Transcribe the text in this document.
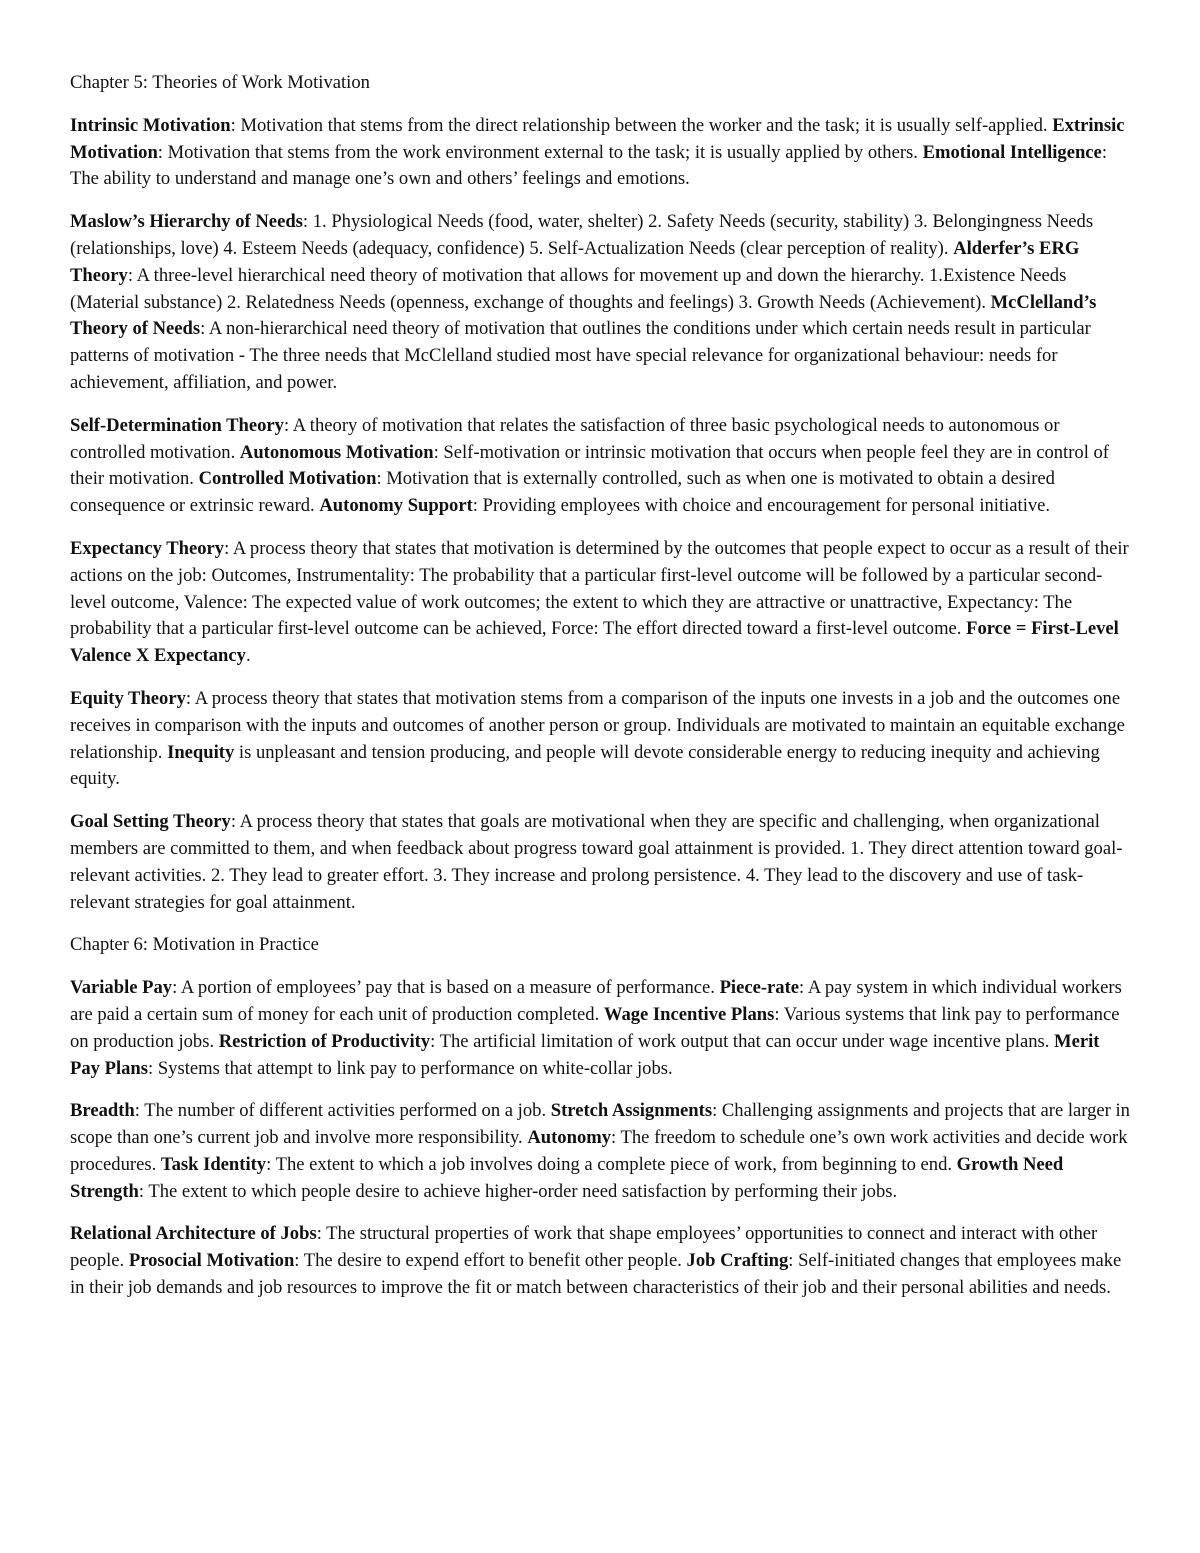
Chapter 5: Theories of Work Motivation

Intrinsic Motivation: Motivation that stems from the direct relationship between the worker and the task; it is usually self-applied. Extrinsic Motivation: Motivation that stems from the work environment external to the task; it is usually applied by others. Emotional Intelligence: The ability to understand and manage one’s own and others’ feelings and emotions.

Maslow’s Hierarchy of Needs: 1. Physiological Needs (food, water, shelter) 2. Safety Needs (security, stability) 3. Belongingness Needs (relationships, love) 4. Esteem Needs (adequacy, confidence) 5. Self-Actualization Needs (clear perception of reality). Alderfer’s ERG Theory: A three-level hierarchical need theory of motivation that allows for movement up and down the hierarchy. 1.Existence Needs (Material substance) 2. Relatedness Needs (openness, exchange of thoughts and feelings) 3. Growth Needs (Achievement). McClelland’s Theory of Needs: A non-hierarchical need theory of motivation that outlines the conditions under which certain needs result in particular patterns of motivation - The three needs that McClelland studied most have special relevance for organizational behaviour: needs for achievement, affiliation, and power.

Self-Determination Theory: A theory of motivation that relates the satisfaction of three basic psychological needs to autonomous or controlled motivation. Autonomous Motivation: Self-motivation or intrinsic motivation that occurs when people feel they are in control of their motivation. Controlled Motivation: Motivation that is externally controlled, such as when one is motivated to obtain a desired consequence or extrinsic reward. Autonomy Support: Providing employees with choice and encouragement for personal initiative.

Expectancy Theory: A process theory that states that motivation is determined by the outcomes that people expect to occur as a result of their actions on the job: Outcomes, Instrumentality: The probability that a particular first-level outcome will be followed by a particular second-level outcome, Valence: The expected value of work outcomes; the extent to which they are attractive or unattractive, Expectancy: The probability that a particular first-level outcome can be achieved, Force: The effort directed toward a first-level outcome. Force = First-Level Valence X Expectancy.

Equity Theory: A process theory that states that motivation stems from a comparison of the inputs one invests in a job and the outcomes one receives in comparison with the inputs and outcomes of another person or group. Individuals are motivated to maintain an equitable exchange relationship. Inequity is unpleasant and tension producing, and people will devote considerable energy to reducing inequity and achieving equity.

Goal Setting Theory: A process theory that states that goals are motivational when they are specific and challenging, when organizational members are committed to them, and when feedback about progress toward goal attainment is provided. 1. They direct attention toward goal-relevant activities. 2. They lead to greater effort. 3. They increase and prolong persistence. 4. They lead to the discovery and use of task-relevant strategies for goal attainment.

Chapter 6: Motivation in Practice

Variable Pay: A portion of employees’ pay that is based on a measure of performance. Piece-rate: A pay system in which individual workers are paid a certain sum of money for each unit of production completed. Wage Incentive Plans: Various systems that link pay to performance on production jobs. Restriction of Productivity: The artificial limitation of work output that can occur under wage incentive plans. Merit Pay Plans: Systems that attempt to link pay to performance on white-collar jobs.

Breadth: The number of different activities performed on a job. Stretch Assignments: Challenging assignments and projects that are larger in scope than one’s current job and involve more responsibility. Autonomy: The freedom to schedule one’s own work activities and decide work procedures. Task Identity: The extent to which a job involves doing a complete piece of work, from beginning to end. Growth Need Strength: The extent to which people desire to achieve higher-order need satisfaction by performing their jobs.

Relational Architecture of Jobs: The structural properties of work that shape employees’ opportunities to connect and interact with other people. Prosocial Motivation: The desire to expend effort to benefit other people. Job Crafting: Self-initiated changes that employees make in their job demands and job resources to improve the fit or match between characteristics of their job and their personal abilities and needs.
